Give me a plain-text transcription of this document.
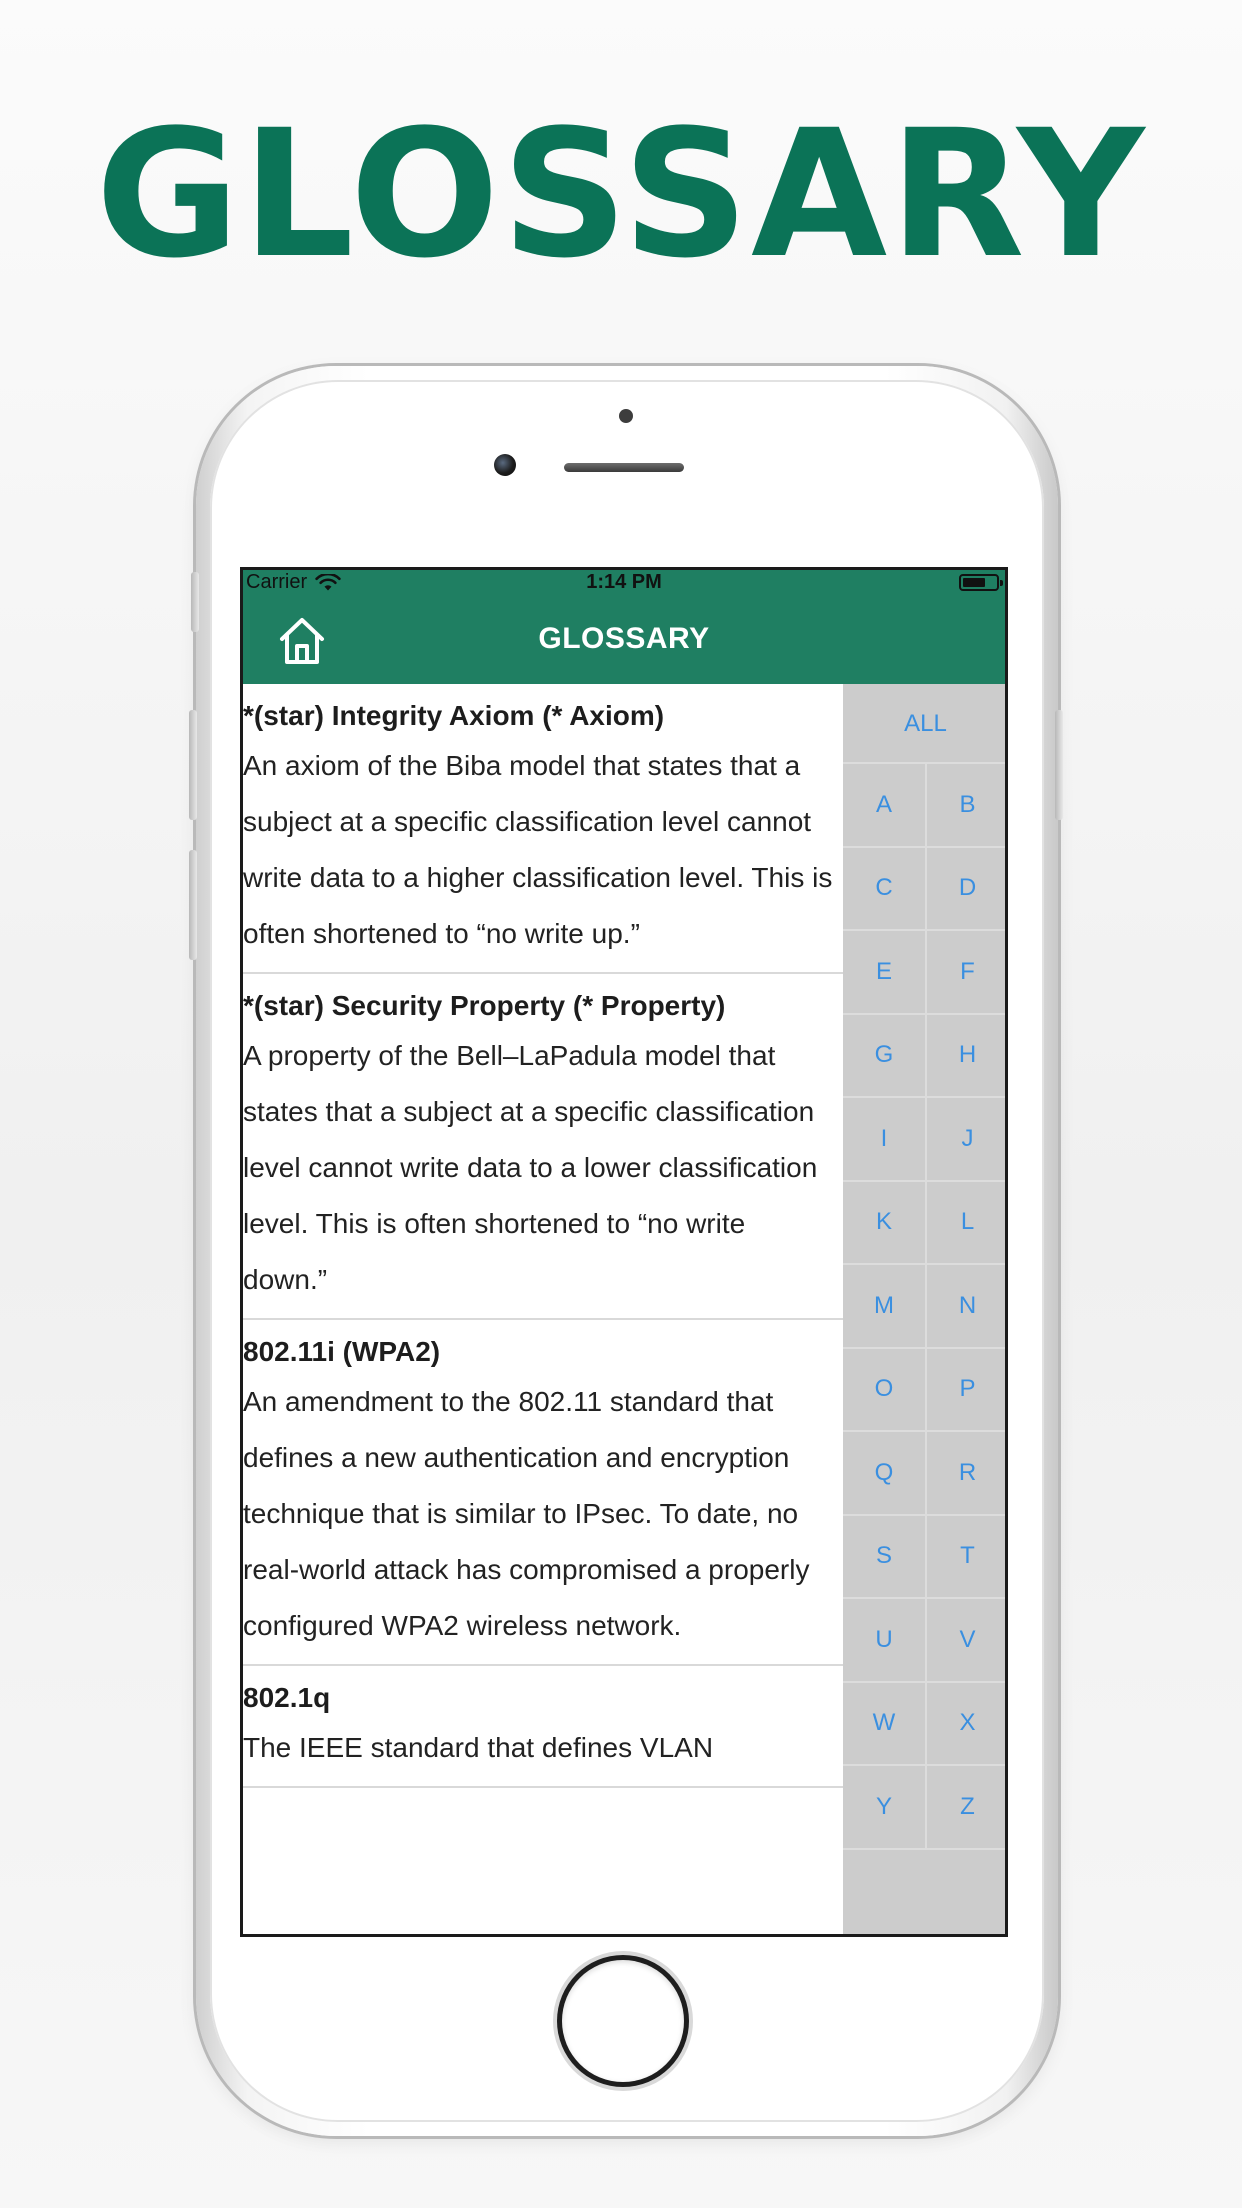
GLOSSARY
Carrier	1:14 PM
GLOSSARY
*(star) Integrity Axiom (* Axiom)
An axiom of the Biba model that states that a subject at a specific classification level cannot write data to a higher classification level. This is often shortened to “no write up.”
*(star) Security Property (* Property)
A property of the Bell–LaPadula model that states that a subject at a specific classification level cannot write data to a lower classification level. This is often shortened to “no write down.”
802.11i (WPA2)
An amendment to the 802.11 standard that defines a new authentication and encryption technique that is similar to IPsec. To date, no real-world attack has compromised a properly configured WPA2 wireless network.
802.1q
The IEEE standard that defines VLAN
ALL
A	B
C	D
E	F
G	H
I	J
K	L
M	N
O	P
Q	R
S	T
U	V
W	X
Y	Z
